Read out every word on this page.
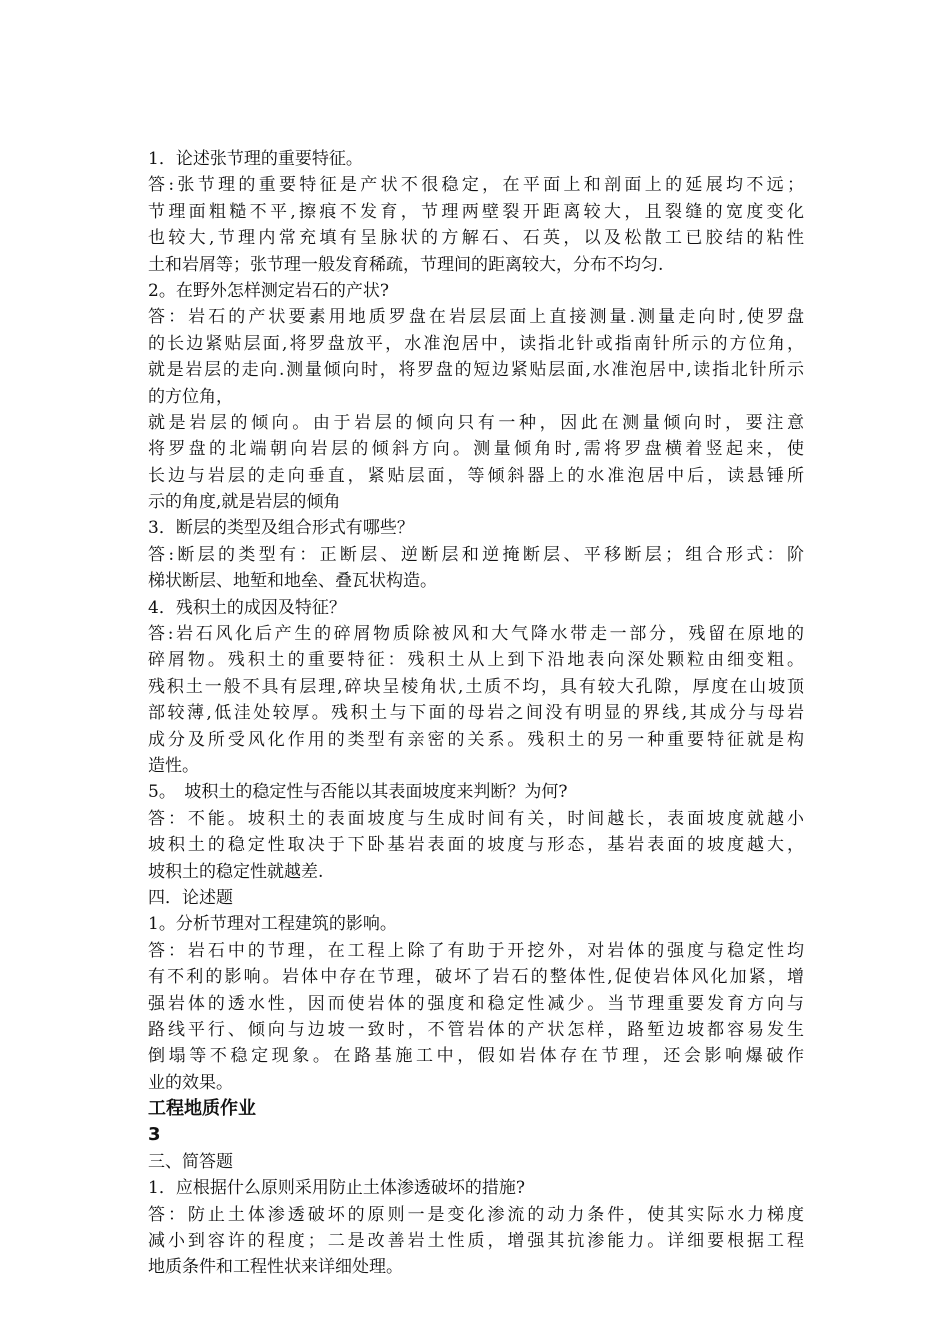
1．论述张节理的重要特征。
答:张节理的重要特征是产状不很稳定，在平面上和剖面上的延展均不远；
节理面粗糙不平,擦痕不发育，节理两壁裂开距离较大，且裂缝的宽度变化
也较大,节理内常充填有呈脉状的方解石、石英，以及松散工已胶结的粘性
土和岩屑等；张节理一般发育稀疏，节理间的距离较大，分布不均匀.
2。在野外怎样测定岩石的产状?
答：岩石的产状要素用地质罗盘在岩层层面上直接测量.测量走向时,使罗盘
的长边紧贴层面,将罗盘放平，水准泡居中，读指北针或指南针所示的方位角，
就是岩层的走向.测量倾向时，将罗盘的短边紧贴层面,水准泡居中,读指北针所示
的方位角，
就是岩层的倾向。由于岩层的倾向只有一种，因此在测量倾向时，要注意
将罗盘的北端朝向岩层的倾斜方向。测量倾角时,需将罗盘横着竖起来，使
长边与岩层的走向垂直，紧贴层面，等倾斜器上的水准泡居中后，读悬锤所
示的角度,就是岩层的倾角
3．断层的类型及组合形式有哪些？
答:断层的类型有：正断层、逆断层和逆掩断层、平移断层；组合形式：阶
梯状断层、地堑和地垒、叠瓦状构造。
4．残积土的成因及特征？
答:岩石风化后产生的碎屑物质除被风和大气降水带走一部分，残留在原地的
碎屑物。残积土的重要特征：残积土从上到下沿地表向深处颗粒由细变粗。
残积土一般不具有层理,碎块呈棱角状,土质不均，具有较大孔隙，厚度在山坡顶
部较薄,低洼处较厚。残积土与下面的母岩之间没有明显的界线,其成分与母岩
成分及所受风化作用的类型有亲密的关系。残积土的另一种重要特征就是构
造性。
5。　坡积土的稳定性与否能以其表面坡度来判断？为何?
答：不能。坡积土的表面坡度与生成时间有关，时间越长，表面坡度就越小
坡积土的稳定性取决于下卧基岩表面的坡度与形态，基岩表面的坡度越大，
坡积土的稳定性就越差.
四．论述题
1。分析节理对工程建筑的影响。
答：岩石中的节理，在工程上除了有助于开挖外，对岩体的强度与稳定性均
有不利的影响。岩体中存在节理，破坏了岩石的整体性,促使岩体风化加紧，增
强岩体的透水性，因而使岩体的强度和稳定性减少。当节理重要发育方向与
路线平行、倾向与边坡一致时，不管岩体的产状怎样，路堑边坡都容易发生
倒塌等不稳定现象。在路基施工中，假如岩体存在节理，还会影响爆破作
业的效果。
工程地质作业
3
三、简答题
1．应根据什么原则采用防止土体渗透破坏的措施?
答：防止土体渗透破坏的原则一是变化渗流的动力条件，使其实际水力梯度
减小到容许的程度；二是改善岩土性质，增强其抗渗能力。详细要根据工程
地质条件和工程性状来详细处理。
